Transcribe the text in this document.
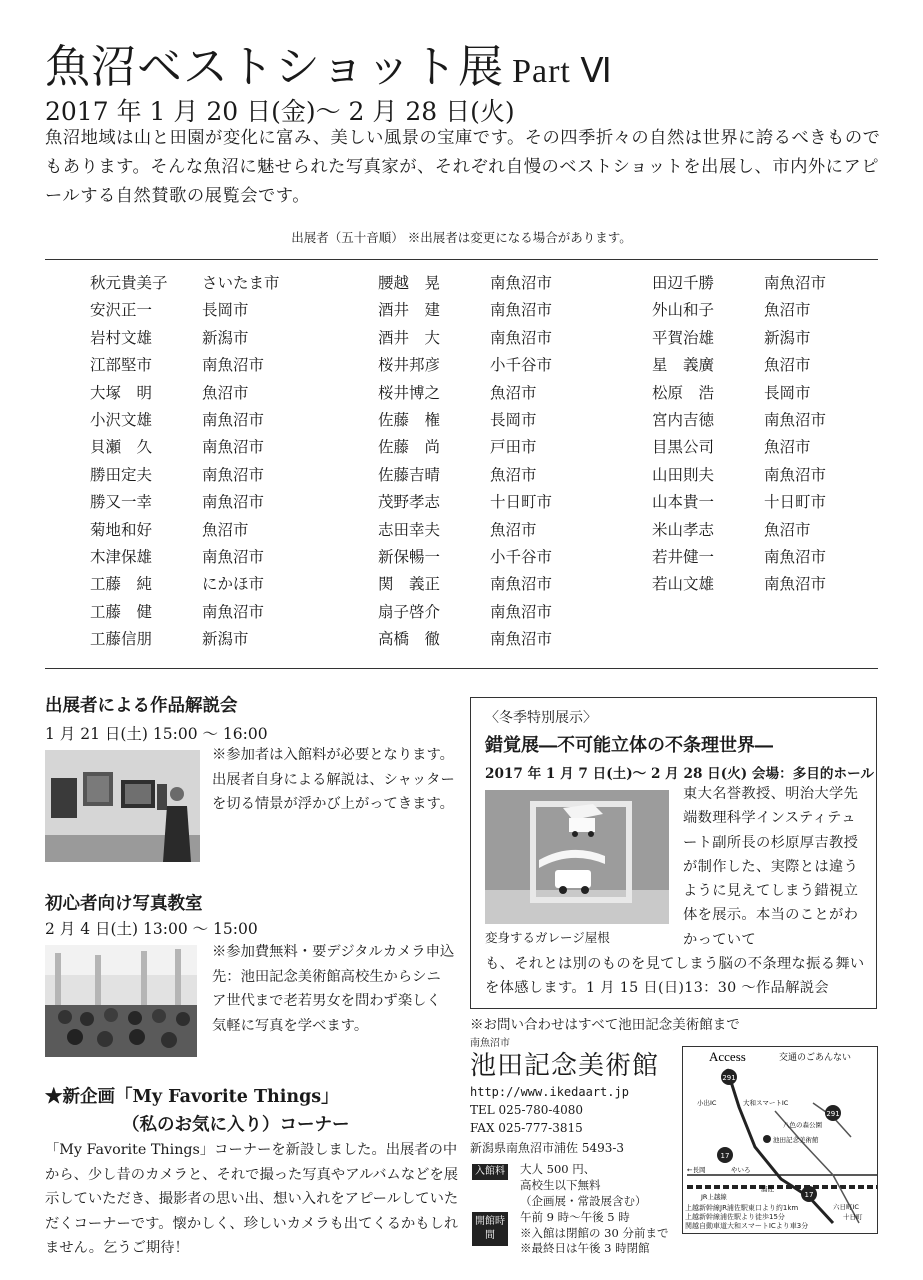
魚沼ベストショット展 Part Ⅵ
2017 年 1 月 20 日(金)〜 2 月 28 日(火)
魚沼地域は山と田園が変化に富み、美しい風景の宝庫です。その四季折々の自然は世界に誇るべきものでもあります。そんな魚沼に魅せられた写真家が、それぞれ自慢のベストショットを出展し、市内外にアピールする自然賛歌の展覧会です。
出展者（五十音順） ※出展者は変更になる場合があります。
秋元貴美子 さいたま市
安沢正一	長岡市
岩村文雄	新潟市
江部堅市	南魚沼市
大塚　明	魚沼市
小沢文雄	南魚沼市
貝瀬　久	南魚沼市
勝田定夫	南魚沼市
勝又一幸	南魚沼市
菊地和好	魚沼市
木津保雄	南魚沼市
工藤　純	にかほ市
工藤　健	南魚沼市
工藤信朋	新潟市
腰越　晃	南魚沼市
酒井　建	南魚沼市
酒井　大	南魚沼市
桜井邦彦	小千谷市
桜井博之	魚沼市
佐藤　権	長岡市
佐藤　尚	戸田市
佐藤吉晴	魚沼市
茂野孝志	十日町市
志田幸夫	魚沼市
新保暢一	小千谷市
関　義正	南魚沼市
扇子啓介	南魚沼市
高橋　徹	南魚沼市
田辺千勝	南魚沼市
外山和子	魚沼市
平賀治雄	新潟市
星　義廣	魚沼市
松原　浩	長岡市
宮内吉徳	南魚沼市
目黒公司	魚沼市
山田則夫	南魚沼市
山本貴一	十日町市
米山孝志	魚沼市
若井健一	南魚沼市
若山文雄	南魚沼市
出展者による作品解説会
1 月 21 日(土) 15:00 〜 16:00
※参加者は入館料が必要となります。出展者自身による解説は、シャッターを切る情景が浮かび上がってきます。
初心者向け写真教室
2 月 4 日(土) 13:00 〜 15:00
※参加費無料・要デジタルカメラ申込先：池田記念美術館高校生からシニア世代まで老若男女を問わず楽しく気軽に写真を学べます。
★新企画「My Favorite Things」
（私のお気に入り）コーナー
「My Favorite Things」コーナーを新設しました。出展者の中から、少し昔のカメラと、それで撮った写真やアルバムなどを展示していただき、撮影者の思い出、想い入れをアピールしていただくコーナーです。懐かしく、珍しいカメラも出てくるかもしれません。乞うご期待！
〈冬季特別展示〉
錯覚展―不可能立体の不条理世界―
2017 年 1 月 7 日(土)〜 2 月 28 日(火) 会場：多目的ホール
変身するガレージ屋根
東大名誉教授、明治大学先端数理科学インスティテュート副所長の杉原厚吉教授が制作した、実際とは違うように見えてしまう錯視立体を展示。本当のことがわかっていて
も、それとは別のものを見てしまう脳の不条理な振る舞いを体感します。1 月 15 日(日)13：30 〜作品解説会
※お問い合わせはすべて池田記念美術館まで
南魚沼市
池田記念美術館
http://www.ikedaart.jp
TEL 025-780-4080
FAX 025-777-3815
新潟県南魚沼市浦佐 5493-3
入館料 大人 500 円、
高校生以下無料
（企画展・常設展含む）
開館時間
午前 9 時〜午後 5 時
※入館は閉館の 30 分前まで
※最終日は午後 3 時閉館
Access	交通のごあんない
291
291
17
17
池田記念美術館
小出IC	大和スマートIC
←長岡	やいろ
JR上越線
浦佐
六日町IC
十日町
八色の森公園
上越新幹線JR浦佐駅東口より約1km
上越新幹線浦佐駅より徒歩15分
関越自動車道大和スマートICより車3分
